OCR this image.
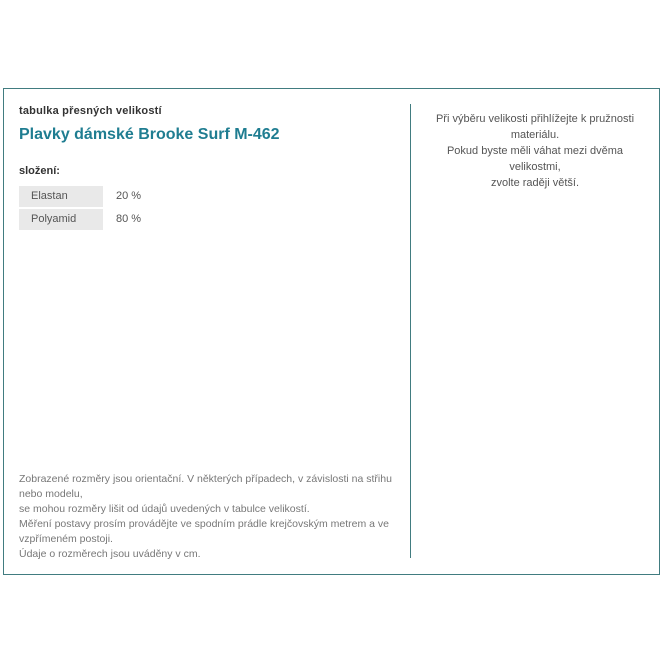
tabulka přesných velikostí
Plavky dámské Brooke Surf M-462
složení:
Elastan	20 %
Polyamid	80 %
Zobrazené rozměry jsou orientační. V některých případech, v závislosti na střihu nebo modelu,
se mohou rozměry lišit od údajů uvedených v tabulce velikostí.
Měření postavy prosím provádějte ve spodním prádle krejčovským metrem a ve vzpřímeném postoji.
Údaje o rozměrech jsou uváděny v cm.
Při výběru velikosti přihlížejte k pružnosti materiálu.
Pokud byste měli váhat mezi dvěma velikostmi,
zvolte raději větší.
